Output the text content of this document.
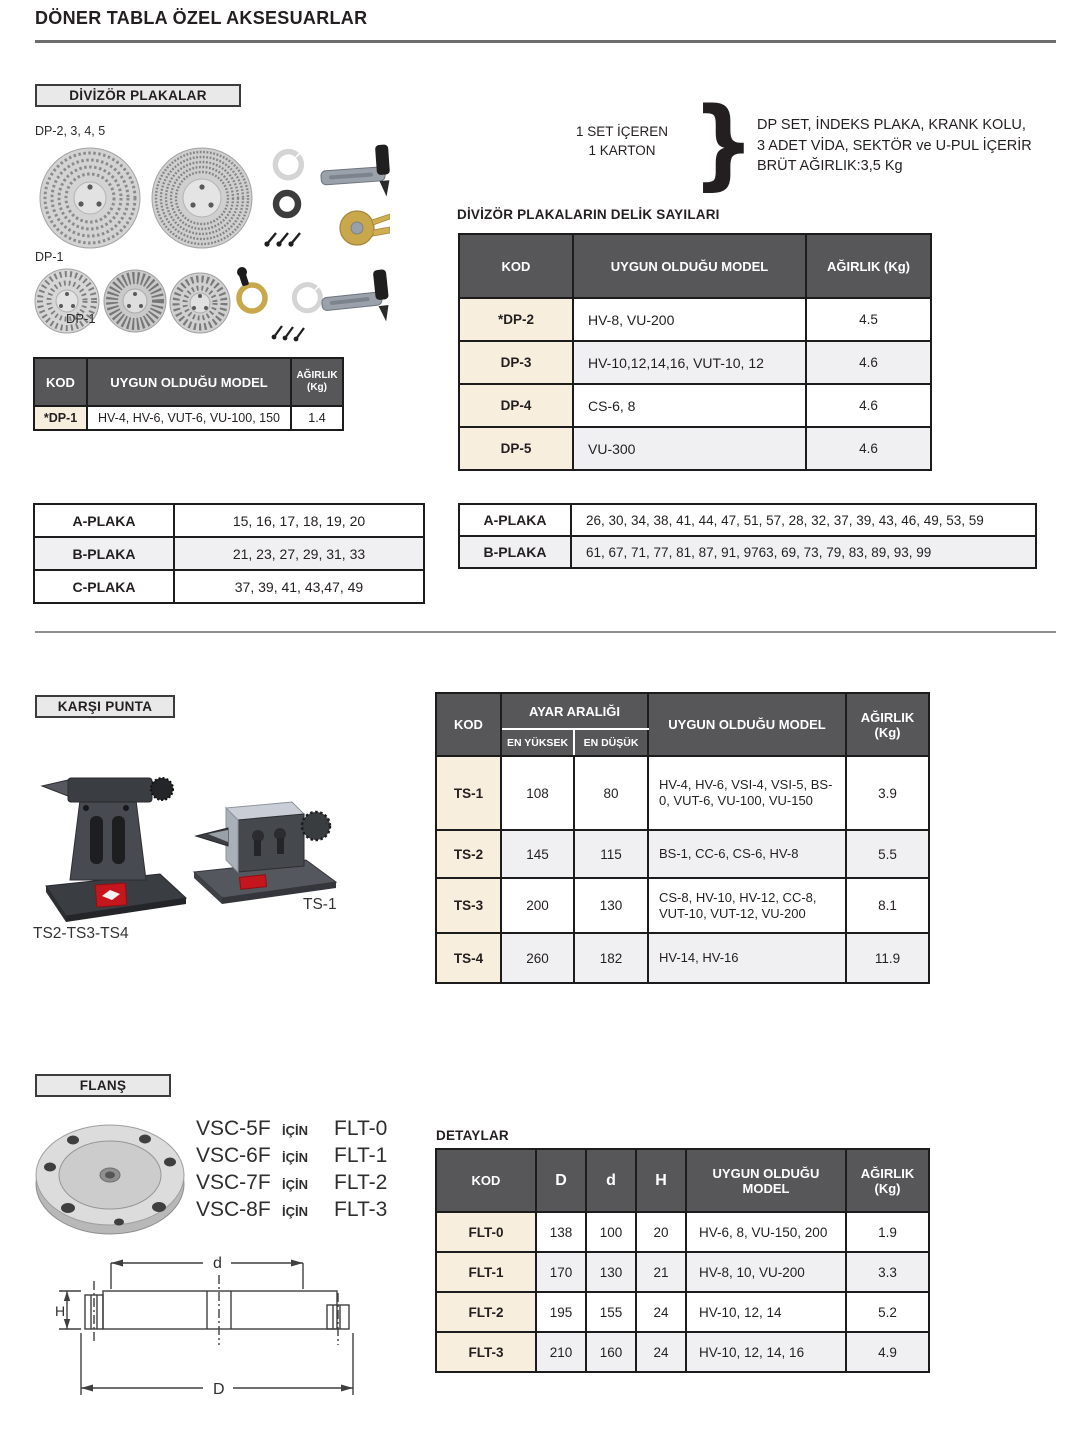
DÖNER TABLA ÖZEL AKSESUARLAR
DİVİZÖR PLAKALAR
DP-2, 3, 4, 5
DP-1
DP-1
KOD	UYGUN OLDUĞU MODEL	AĞIRLIK (Kg)
*DP-1	HV-4, HV-6, VUT-6, VU-100, 150	1.4
1 SET İÇEREN
1 KARTON } DP SET, İNDEKS PLAKA, KRANK KOLU,
3 ADET VİDA, SEKTÖR ve U-PUL İÇERİR
BRÜT AĞIRLIK:3,5 Kg
DİVİZÖR PLAKALARIN DELİK SAYILARI
KOD	UYGUN OLDUĞU MODEL	AĞIRLIK (Kg)
*DP-2	HV-8, VU-200	4.5
DP-3	HV-10,12,14,16, VUT-10, 12	4.6
DP-4	CS-6, 8	4.6
DP-5	VU-300	4.6
A-PLAKA	15, 16, 17, 18, 19, 20
B-PLAKA	21, 23, 27, 29, 31, 33
C-PLAKA	37, 39, 41, 43,47, 49
A-PLAKA	26, 30, 34, 38, 41, 44, 47, 51, 57, 28, 32, 37, 39, 43, 46, 49, 53, 59
B-PLAKA	61, 67, 71, 77, 81, 87, 91, 9763, 69, 73, 79, 83, 89, 93, 99
KARŞI PUNTA
TS-1
TS2-TS3-TS4
KOD	AYAR ARALIĞI		UYGUN OLDUĞU MODEL	AĞIRLIK (Kg)
	EN YÜKSEK	EN DÜŞÜK		
TS-1	108	80	HV-4, HV-6, VSI-4, VSI-5, BS-0, VUT-6, VU-100, VU-150	3.9
TS-2	145	115	BS-1, CC-6, CS-6, HV-8	5.5
TS-3	200	130	CS-8, HV-10, HV-12, CC-8, VUT-10, VUT-12, VU-200	8.1
TS-4	260	182	HV-14, HV-16	11.9
FLANŞ
VSC-5F İÇİN	FLT-0
VSC-6F İÇİN	FLT-1
VSC-7F İÇİN	FLT-2
VSC-8F İÇİN	FLT-3
DETAYLAR
KOD	D	d	H	UYGUN OLDUĞU MODEL	AĞIRLIK (Kg)
FLT-0	138	100	20	HV-6, 8, VU-150, 200	1.9
FLT-1	170	130	21	HV-8, 10, VU-200	3.3
FLT-2	195	155	24	HV-10, 12, 14	5.2
FLT-3	210	160	24	HV-10, 12, 14, 16	4.9
d
D
H
